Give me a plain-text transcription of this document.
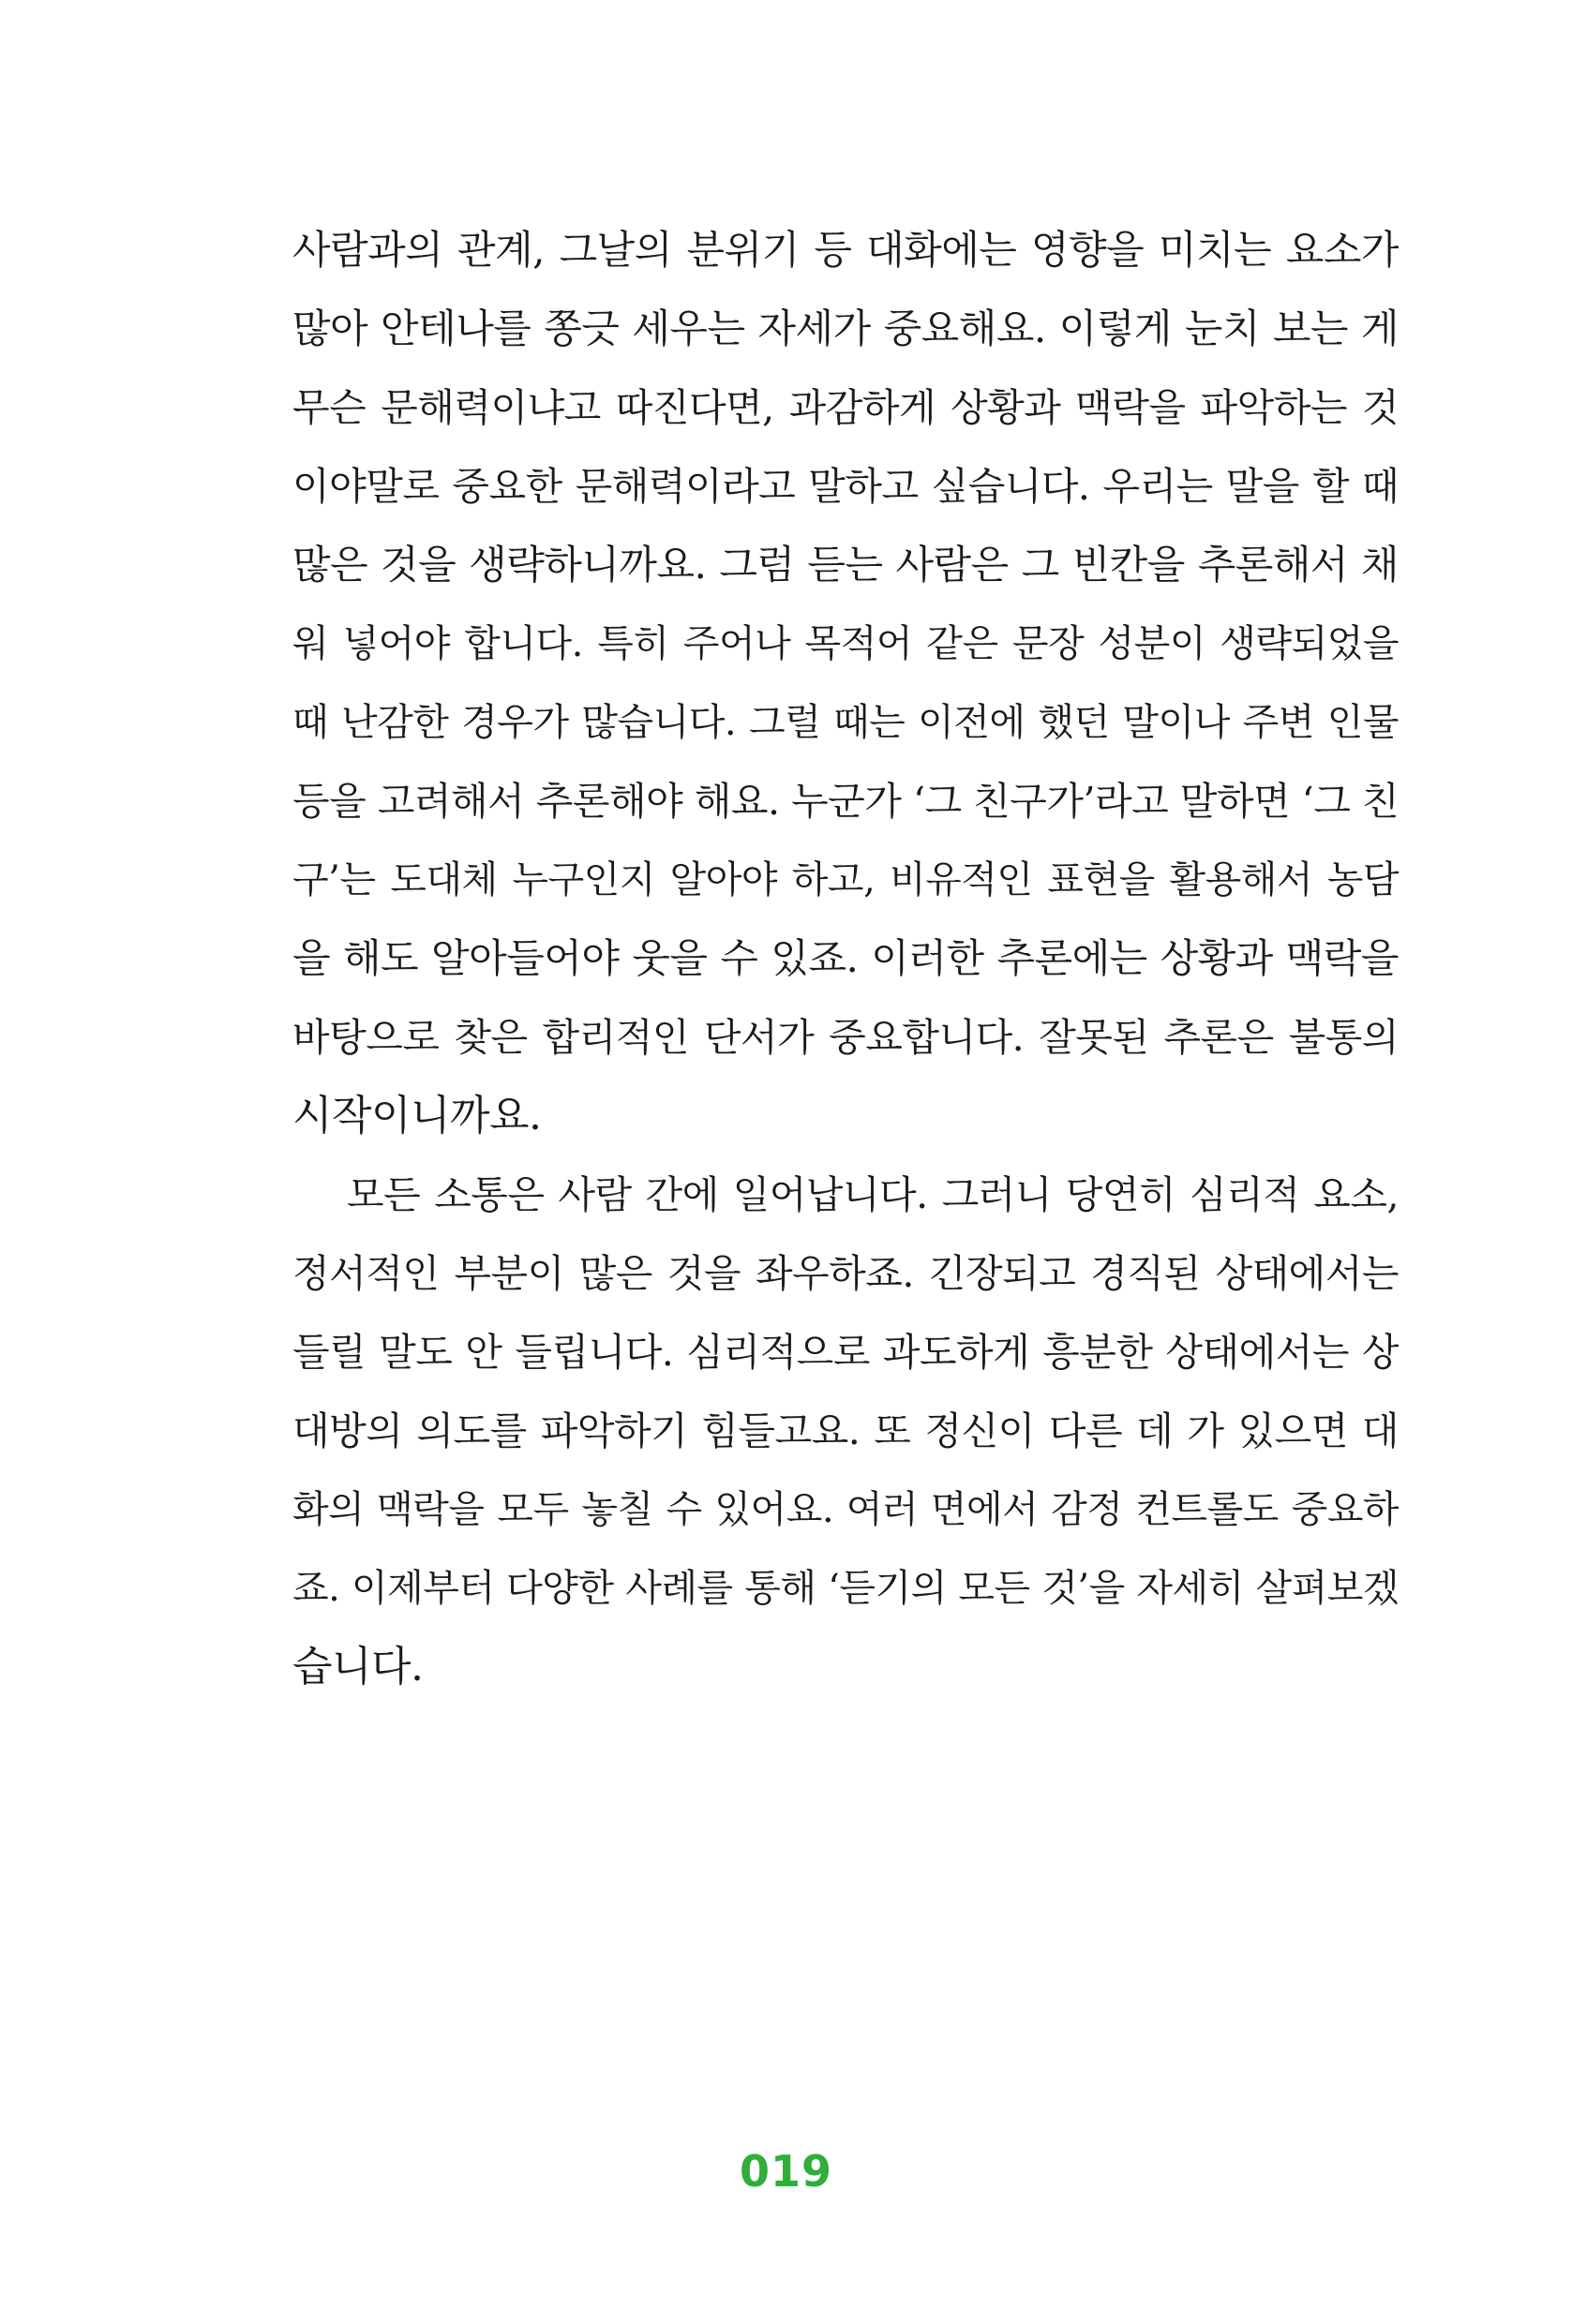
사람과의 관계, 그날의 분위기 등 대화에는 영향을 미치는 요소가
많아 안테나를 쫑긋 세우는 자세가 중요해요. 이렇게 눈치 보는 게
무슨 문해력이냐고 따진다면, 과감하게 상황과 맥락을 파악하는 것
이야말로 중요한 문해력이라고 말하고 싶습니다. 우리는 말을 할 때
많은 것을 생략하니까요. 그럼 듣는 사람은 그 빈칸을 추론해서 채
워 넣어야 합니다. 특히 주어나 목적어 같은 문장 성분이 생략되었을
때 난감한 경우가 많습니다. 그럴 때는 이전에 했던 말이나 주변 인물
등을 고려해서 추론해야 해요. 누군가 ‘그 친구가’라고 말하면 ‘그 친
구’는 도대체 누구인지 알아야 하고, 비유적인 표현을 활용해서 농담
을 해도 알아들어야 웃을 수 있죠. 이러한 추론에는 상황과 맥락을
바탕으로 찾은 합리적인 단서가 중요합니다. 잘못된 추론은 불통의
시작이니까요.
모든 소통은 사람 간에 일어납니다. 그러니 당연히 심리적 요소,
정서적인 부분이 많은 것을 좌우하죠. 긴장되고 경직된 상태에서는
들릴 말도 안 들립니다. 심리적으로 과도하게 흥분한 상태에서는 상
대방의 의도를 파악하기 힘들고요. 또 정신이 다른 데 가 있으면 대
화의 맥락을 모두 놓칠 수 있어요. 여러 면에서 감정 컨트롤도 중요하
죠. 이제부터 다양한 사례를 통해 ‘듣기의 모든 것’을 자세히 살펴보겠
습니다.
019
